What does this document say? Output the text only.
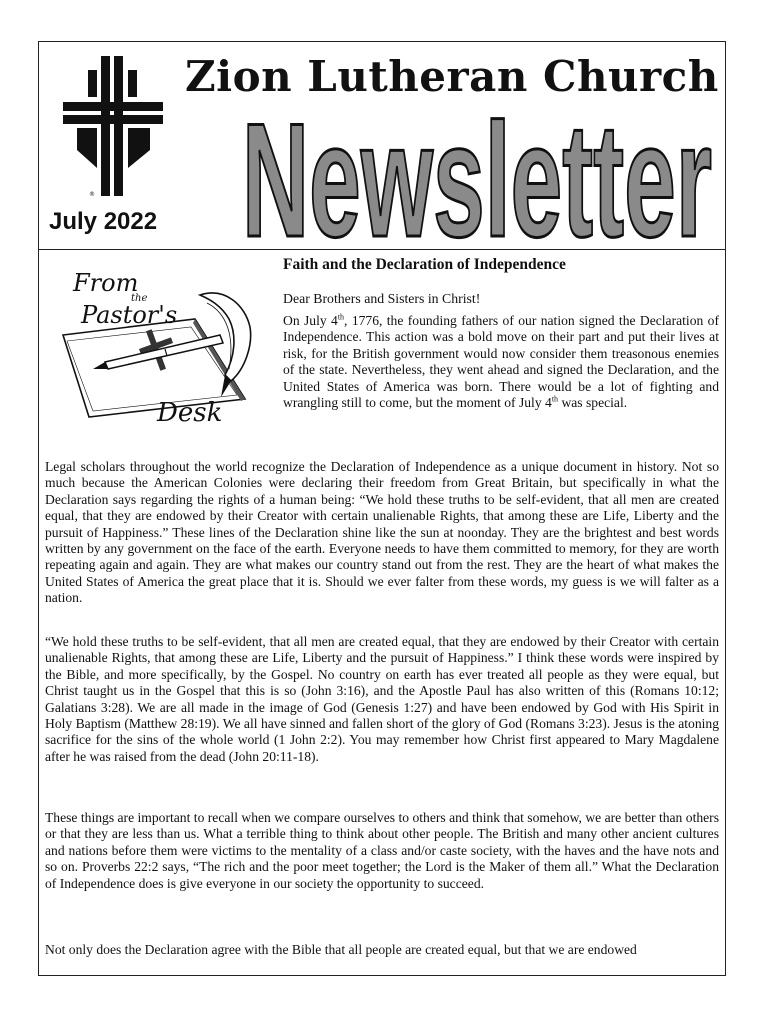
®
Zion Lutheran Church
Newsletter
July 2022
From
the
Pastor's
Desk
Faith and the Declaration of Independence
Dear Brothers and Sisters in Christ!
On July 4th, 1776, the founding fathers of our nation signed the Declaration of Independence. This action was a bold move on their part and put their lives at risk, for the British government would now consider them treasonous enemies of the state. Nevertheless, they went ahead and signed the Declaration, and the United States of America was born. There would be a lot of fighting and wrangling still to come, but the moment of July 4th was special.
Legal scholars throughout the world recognize the Declaration of Independence as a unique document in history. Not so much because the American Colonies were declaring their freedom from Great Britain, but specifically in what the Declaration says regarding the rights of a human being: “We hold these truths to be self-evident, that all men are created equal, that they are endowed by their Creator with certain unalienable Rights, that among these are Life, Liberty and the pursuit of Happiness.” These lines of the Declaration shine like the sun at noonday. They are the brightest and best words written by any government on the face of the earth. Everyone needs to have them committed to memory, for they are worth repeating again and again. They are what makes our country stand out from the rest. They are the heart of what makes the United States of America the great place that it is. Should we ever falter from these words, my guess is we will falter as a nation.
“We hold these truths to be self-evident, that all men are created equal, that they are endowed by their Creator with certain unalienable Rights, that among these are Life, Liberty and the pursuit of Happiness.” I think these words were inspired by the Bible, and more specifically, by the Gospel. No country on earth has ever treated all people as they were equal, but Christ taught us in the Gospel that this is so (John 3:16), and the Apostle Paul has also written of this (Romans 10:12; Galatians 3:28). We are all made in the image of God (Genesis 1:27) and have been endowed by God with His Spirit in Holy Baptism (Matthew 28:19). We all have sinned and fallen short of the glory of God (Romans 3:23). Jesus is the atoning sacrifice for the sins of the whole world (1 John 2:2). You may remember how Christ first appeared to Mary Magdalene after he was raised from the dead (John 20:11-18).
These things are important to recall when we compare ourselves to others and think that somehow, we are better than others or that they are less than us. What a terrible thing to think about other people. The British and many other ancient cultures and nations before them were victims to the mentality of a class and/or caste society, with the haves and the have nots and so on. Proverbs 22:2 says, “The rich and the poor meet together; the Lord is the Maker of them all.” What the Declaration of Independence does is give everyone in our society the opportunity to succeed.
Not only does the Declaration agree with the Bible that all people are created equal, but that we are endowed
